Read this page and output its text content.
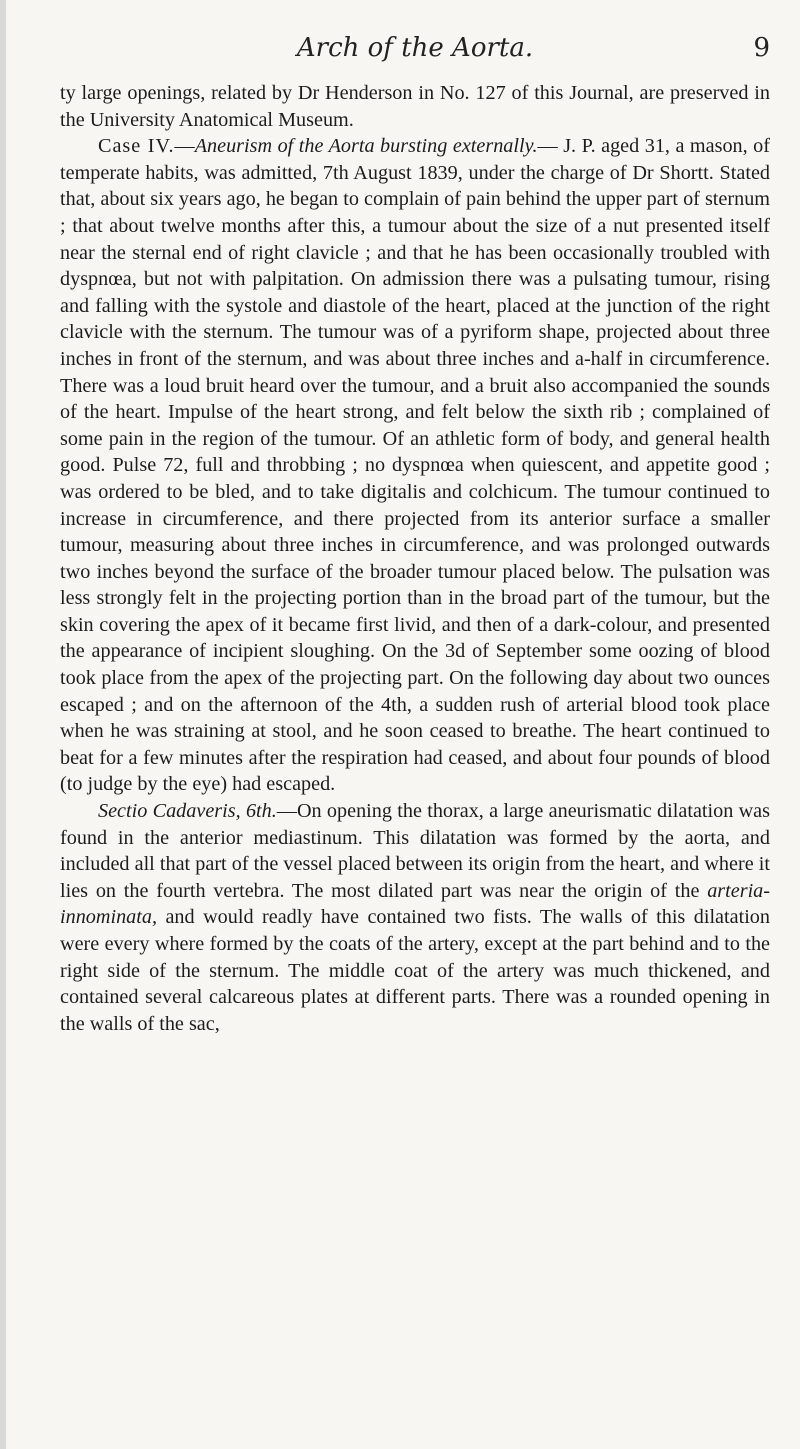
Arch of the Aorta.	9

ty large openings, related by Dr Henderson in No. 127 of this Journal, are preserved in the University Anatomical Museum.

Case IV.—Aneurism of the Aorta bursting externally.— J. P. aged 31, a mason, of temperate habits, was admitted, 7th August 1839, under the charge of Dr Shortt. Stated that, about six years ago, he began to complain of pain behind the upper part of sternum ; that about twelve months after this, a tumour about the size of a nut presented itself near the sternal end of right clavicle ; and that he has been occasionally troubled with dyspnœa, but not with palpitation. On admission there was a pulsating tumour, rising and falling with the systole and diastole of the heart, placed at the junction of the right clavicle with the sternum. The tumour was of a pyriform shape, projected about three inches in front of the sternum, and was about three inches and a-half in circumference. There was a loud bruit heard over the tumour, and a bruit also accompanied the sounds of the heart. Impulse of the heart strong, and felt below the sixth rib ; complained of some pain in the region of the tumour. Of an athletic form of body, and general health good. Pulse 72, full and throbbing ; no dyspnœa when quiescent, and appetite good ; was ordered to be bled, and to take digitalis and colchicum. The tumour continued to increase in circumference, and there projected from its anterior surface a smaller tumour, measuring about three inches in circumference, and was prolonged outwards two inches beyond the surface of the broader tumour placed below. The pulsation was less strongly felt in the projecting portion than in the broad part of the tumour, but the skin covering the apex of it became first livid, and then of a dark-colour, and presented the appearance of incipient sloughing. On the 3d of September some oozing of blood took place from the apex of the projecting part. On the following day about two ounces escaped ; and on the afternoon of the 4th, a sudden rush of arterial blood took place when he was straining at stool, and he soon ceased to breathe. The heart continued to beat for a few minutes after the respiration had ceased, and about four pounds of blood (to judge by the eye) had escaped.

Sectio Cadaveris, 6th.—On opening the thorax, a large aneurismatic dilatation was found in the anterior mediastinum. This dilatation was formed by the aorta, and included all that part of the vessel placed between its origin from the heart, and where it lies on the fourth vertebra. The most dilated part was near the origin of the arteria-innominata, and would readly have contained two fists. The walls of this dilatation were every where formed by the coats of the artery, except at the part behind and to the right side of the sternum. The middle coat of the artery was much thickened, and contained several calcareous plates at different parts. There was a rounded opening in the walls of the sac,
